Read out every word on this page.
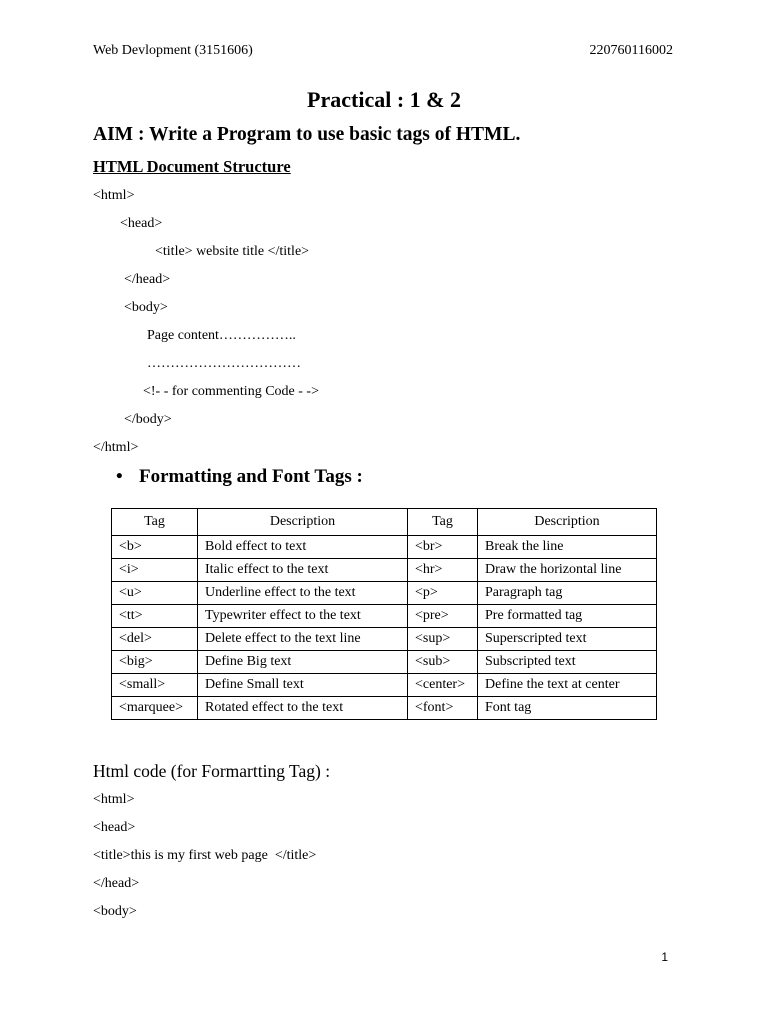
Web Devlopment (3151606)	220760116002
Practical : 1 & 2
AIM : Write a Program to use basic tags of HTML.
HTML Document Structure
<html>
<head>
<title> website title </title>
</head>
<body>
Page content……………..
……………………………
<!- - for commenting Code - ->
</body>
</html>
• Formatting and Font Tags :
Tag	Description	Tag	Description
<b>	Bold effect to text	<br>	Break the line
<i>	Italic effect to the text	<hr>	Draw the horizontal line
<u>	Underline effect to the text	<p>	Paragraph tag
<tt>	Typewriter effect to the text	<pre>	Pre formatted tag
<del>	Delete effect to the text line	<sup>	Superscripted text
<big>	Define Big text	<sub>	Subscripted text
<small>	Define Small text	<center>	Define the text at center
<marquee>	Rotated effect to the text	<font>	Font tag
Html code (for Formartting Tag) :
<html>
<head>
<title>this is my first web page  </title>
</head>
<body>
1
